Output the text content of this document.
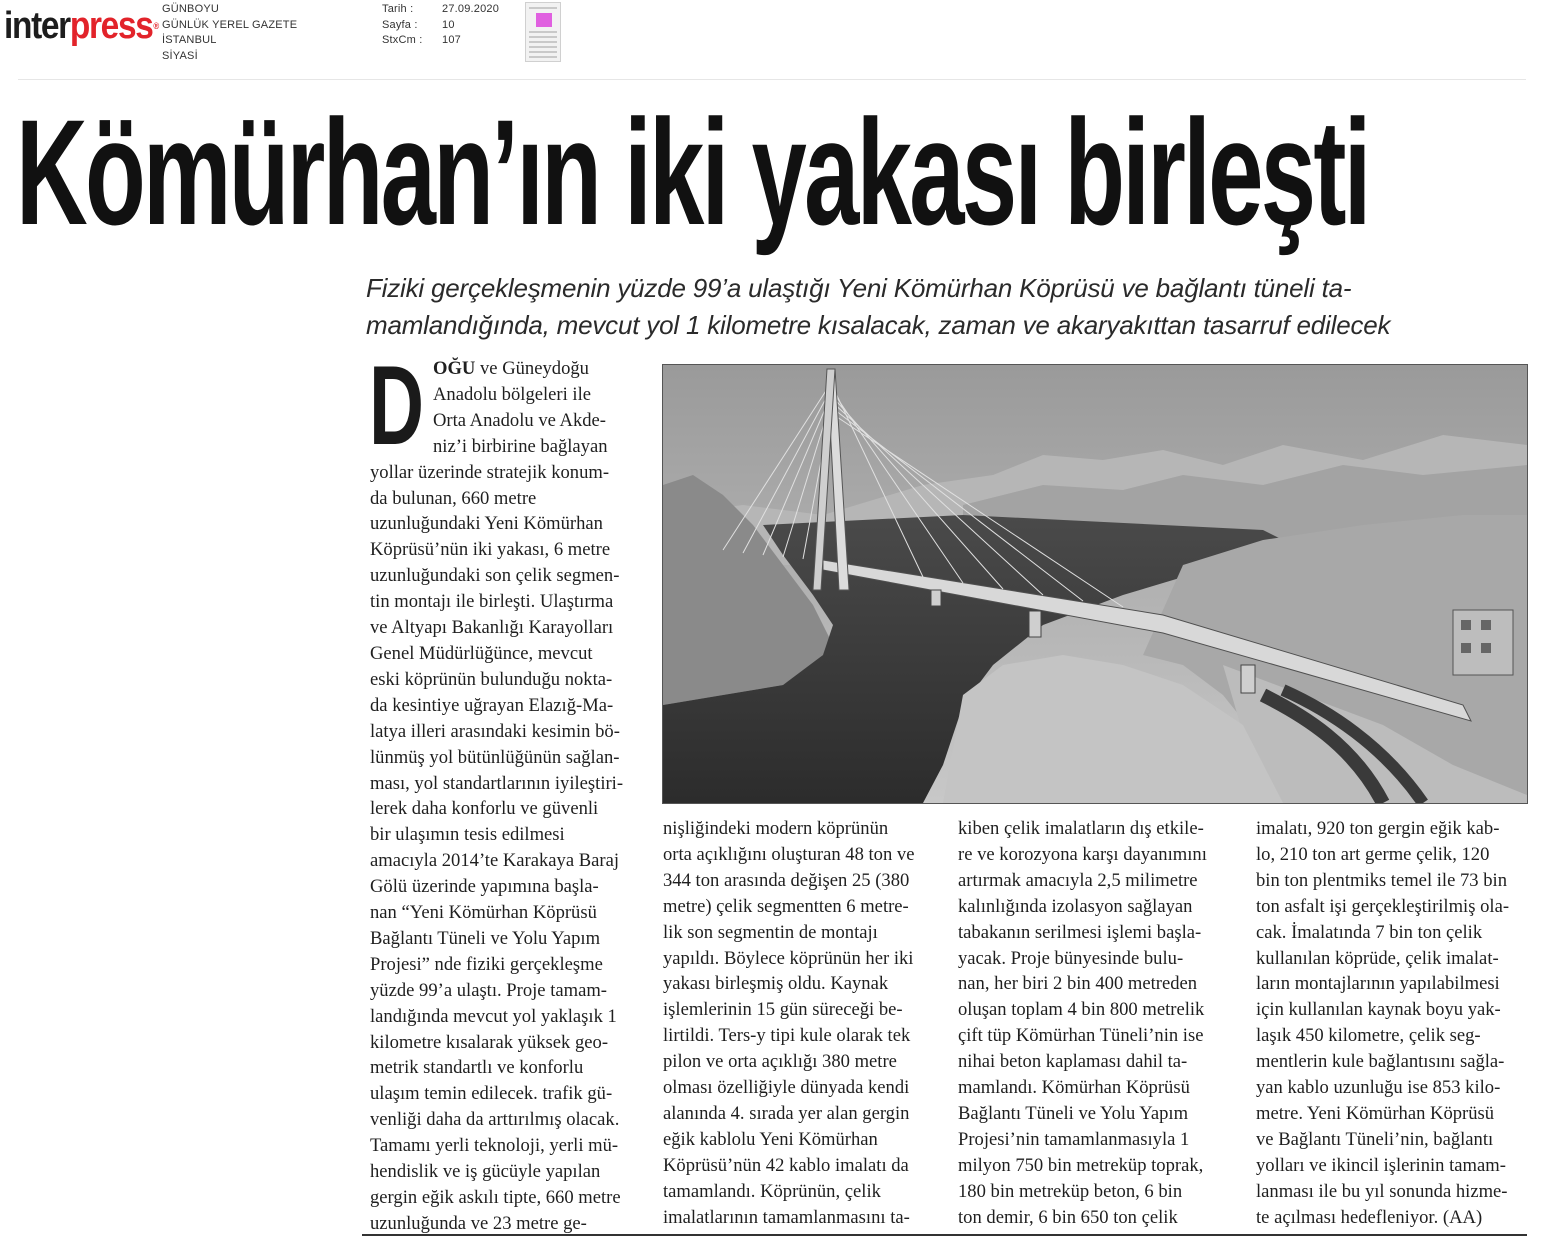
interpress®
GÜNBOYU
GÜNLÜK YEREL GAZETE
İSTANBUL
SİYASİ
Tarih :
Sayfa :
StxCm :
27.09.2020
10
107
Kömürhan’ın iki yakası birleşti
Fiziki gerçekleşmenin yüzde 99’a ulaştığı Yeni Kömürhan Köprüsü ve bağlantı tüneli ta-
mamlandığında, mevcut yol 1 kilometre kısalacak, zaman ve akaryakıttan tasarruf edilecek
D OĞU ve Güneydoğu
Anadolu bölgeleri ile
Orta Anadolu ve Akde-
niz’i birbirine bağlayan
yollar üzerinde stratejik konum-
da bulunan, 660 metre
uzunluğundaki Yeni Kömürhan
Köprüsü’nün iki yakası, 6 metre
uzunluğundaki son çelik segmen-
tin montajı ile birleşti. Ulaştırma
ve Altyapı Bakanlığı Karayolları
Genel Müdürlüğünce, mevcut
eski köprünün bulunduğu nokta-
da kesintiye uğrayan Elazığ-Ma-
latya illeri arasındaki kesimin bö-
lünmüş yol bütünlüğünün sağlan-
ması, yol standartlarının iyileştiri-
lerek daha konforlu ve güvenli
bir ulaşımın tesis edilmesi
amacıyla 2014’te Karakaya Baraj
Gölü üzerinde yapımına başla-
nan “Yeni Kömürhan Köprüsü
Bağlantı Tüneli ve Yolu Yapım
Projesi” nde fiziki gerçekleşme
yüzde 99’a ulaştı. Proje tamam-
landığında mevcut yol yaklaşık 1
kilometre kısalarak yüksek geo-
metrik standartlı ve konforlu
ulaşım temin edilecek. trafik gü-
venliği daha da arttırılmış olacak.
Tamamı yerli teknoloji, yerli mü-
hendislik ve iş gücüyle yapılan
gergin eğik askılı tipte, 660 metre
uzunluğunda ve 23 metre ge-
nişliğindeki modern köprünün
orta açıklığını oluşturan 48 ton ve
344 ton arasında değişen 25 (380
metre) çelik segmentten 6 metre-
lik son segmentin de montajı
yapıldı. Böylece köprünün her iki
yakası birleşmiş oldu. Kaynak
işlemlerinin 15 gün süreceği be-
lirtildi. Ters-y tipi kule olarak tek
pilon ve orta açıklığı 380 metre
olması özelliğiyle dünyada kendi
alanında 4. sırada yer alan gergin
eğik kablolu Yeni Kömürhan
Köprüsü’nün 42 kablo imalatı da
tamamlandı. Köprünün, çelik
imalatlarının tamamlanmasını ta-
kiben çelik imalatların dış etkile-
re ve korozyona karşı dayanımını
artırmak amacıyla 2,5 milimetre
kalınlığında izolasyon sağlayan
tabakanın serilmesi işlemi başla-
yacak. Proje bünyesinde bulu-
nan, her biri 2 bin 400 metreden
oluşan toplam 4 bin 800 metrelik
çift tüp Kömürhan Tüneli’nin ise
nihai beton kaplaması dahil ta-
mamlandı. Kömürhan Köprüsü
Bağlantı Tüneli ve Yolu Yapım
Projesi’nin tamamlanmasıyla 1
milyon 750 bin metreküp toprak,
180 bin metreküp beton, 6 bin
ton demir, 6 bin 650 ton çelik
imalatı, 920 ton gergin eğik kab-
lo, 210 ton art germe çelik, 120
bin ton plentmiks temel ile 73 bin
ton asfalt işi gerçekleştirilmiş ola-
cak. İmalatında 7 bin ton çelik
kullanılan köprüde, çelik imalat-
ların montajlarının yapılabilmesi
için kullanılan kaynak boyu yak-
laşık 450 kilometre, çelik seg-
mentlerin kule bağlantısını sağla-
yan kablo uzunluğu ise 853 kilo-
metre. Yeni Kömürhan Köprüsü
ve Bağlantı Tüneli’nin, bağlantı
yolları ve ikincil işlerinin tamam-
lanması ile bu yıl sonunda hizme-
te açılması hedefleniyor. (AA)
